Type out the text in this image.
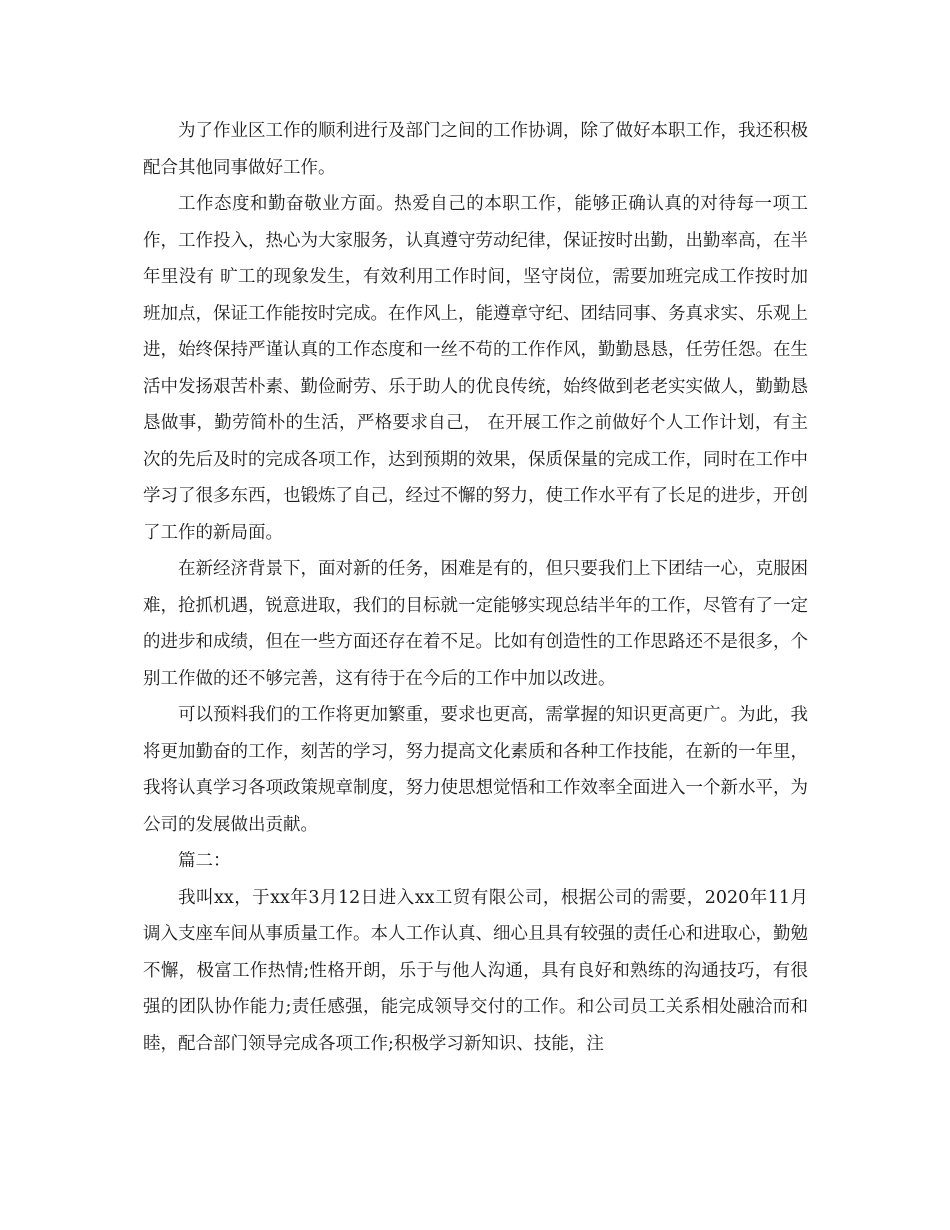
为了作业区工作的顺利进行及部门之间的工作协调，除了做好本职工作，我还积极配合其他同事做好工作。

工作态度和勤奋敬业方面。热爱自己的本职工作，能够正确认真的对待每一项工作，工作投入，热心为大家服务，认真遵守劳动纪律，保证按时出勤，出勤率高，在半年里没有 旷工的现象发生，有效利用工作时间，坚守岗位，需要加班完成工作按时加班加点，保证工作能按时完成。在作风上，能遵章守纪、团结同事、务真求实、乐观上进，始终保持严谨认真的工作态度和一丝不苟的工作作风，勤勤恳恳，任劳任怨。在生活中发扬艰苦朴素、勤俭耐劳、乐于助人的优良传统，始终做到老老实实做人，勤勤恳恳做事，勤劳简朴的生活，严格要求自己， 在开展工作之前做好个人工作计划，有主次的先后及时的完成各项工作，达到预期的效果，保质保量的完成工作，同时在工作中学习了很多东西，也锻炼了自己，经过不懈的努力，使工作水平有了长足的进步，开创了工作的新局面。

在新经济背景下，面对新的任务，困难是有的，但只要我们上下团结一心，克服困难，抢抓机遇，锐意进取，我们的目标就一定能够实现总结半年的工作，尽管有了一定的进步和成绩，但在一些方面还存在着不足。比如有创造性的工作思路还不是很多，个别工作做的还不够完善，这有待于在今后的工作中加以改进。

可以预料我们的工作将更加繁重，要求也更高，需掌握的知识更高更广。为此，我将更加勤奋的工作，刻苦的学习，努力提高文化素质和各种工作技能，在新的一年里，我将认真学习各项政策规章制度，努力使思想觉悟和工作效率全面进入一个新水平，为公司的发展做出贡献。

篇二：

我叫xx，于xx年3月12日进入xx工贸有限公司，根据公司的需要，2020年11月调入支座车间从事质量工作。本人工作认真、细心且具有较强的责任心和进取心，勤勉不懈，极富工作热情;性格开朗，乐于与他人沟通，具有良好和熟练的沟通技巧，有很强的团队协作能力;责任感强，能完成领导交付的工作。和公司员工关系相处融洽而和睦，配合部门领导完成各项工作;积极学习新知识、技能，注
